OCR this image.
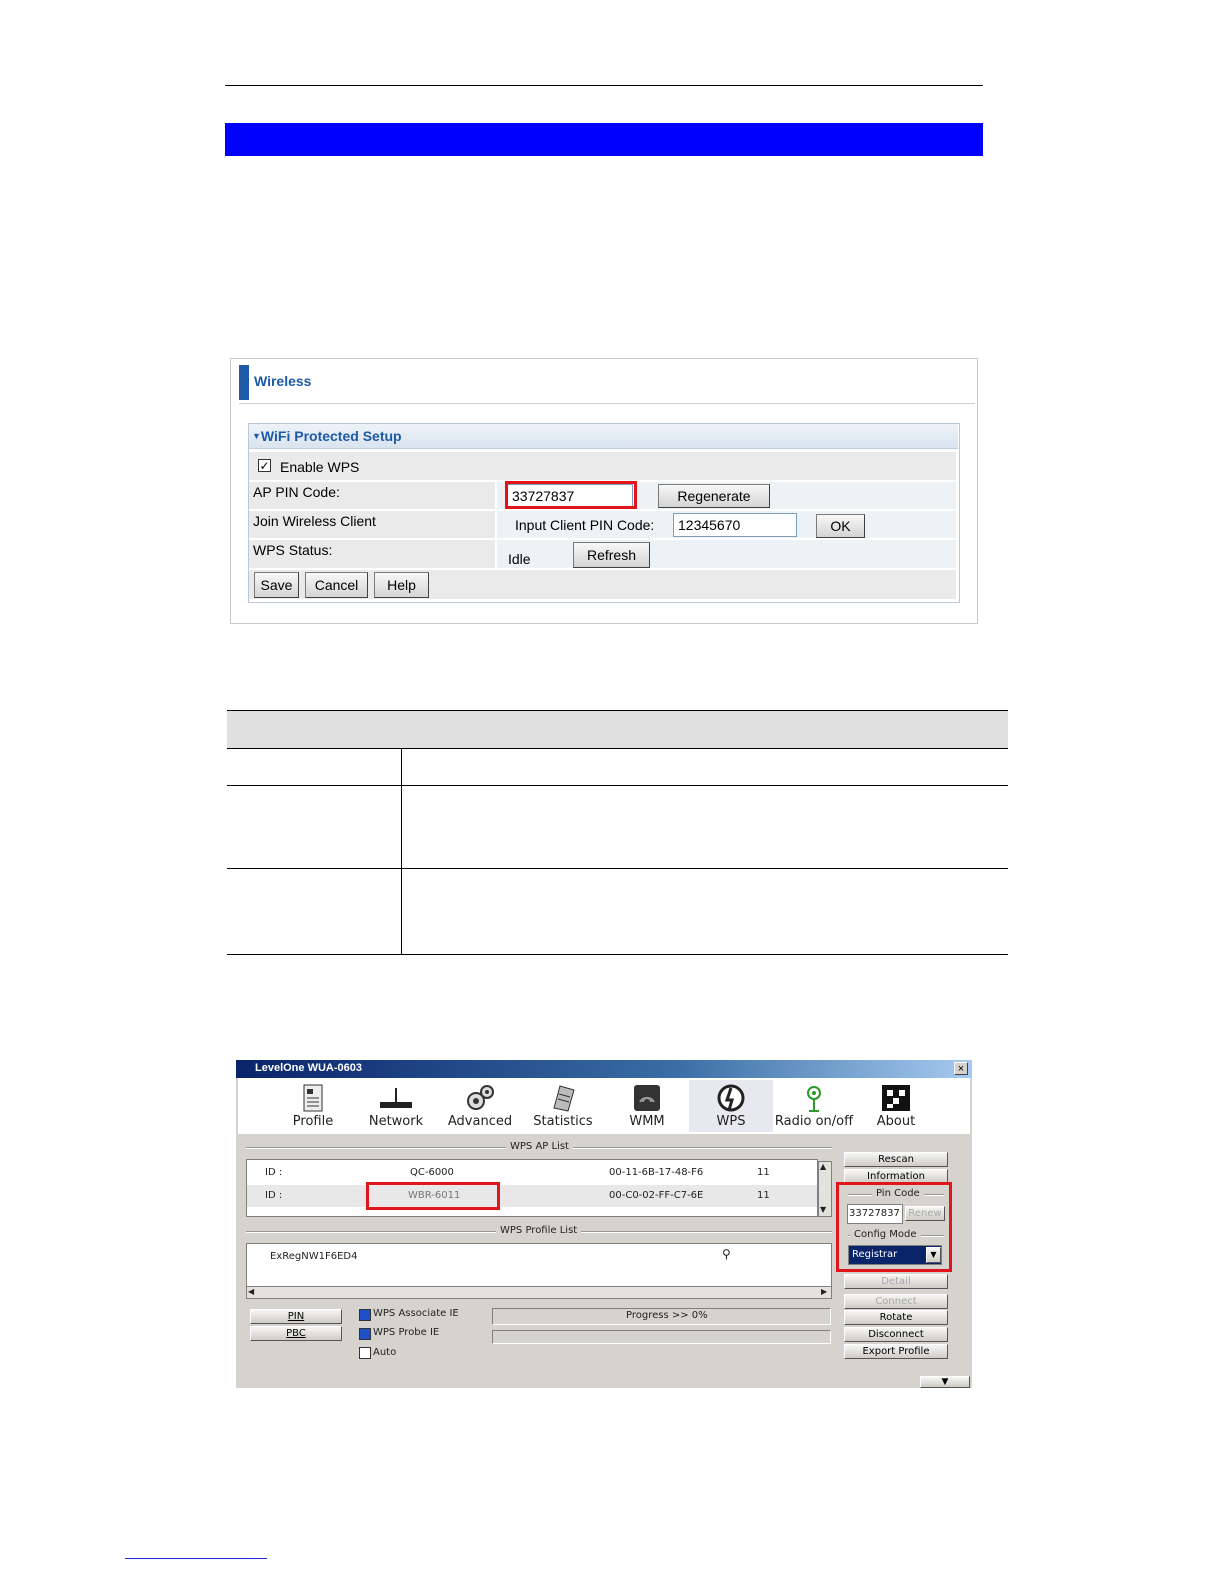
Wireless
▼WiFi Protected Setup
✓ Enable WPS
AP PIN Code:	33727837	Regenerate
Join Wireless Client	Input Client PIN Code:	12345670	OK
WPS Status:
Idle	Refresh
Save	Cancel	Help
LevelOne WUA-0603	×
Profile	Network	Advanced	Statistics	WMM	WPS	Radio on/off	About
WPS AP List
ID :	QC-6000	00-11-6B-17-48-F6	11
ID :	WBR-6011	00-C0-02-FF-C7-6E	11
▲
▼
WPS Profile List
ExRegNW1F6ED4	⚲
◀	▶
Rescan
Information
Pin Code
33727837 Renew
Config Mode
Registrar	▼
Detail
Connect
Rotate
Disconnect
Export Profile
PIN
PBC
WPS Associate IE
WPS Probe IE
Auto
Progress >> 0%
▼
